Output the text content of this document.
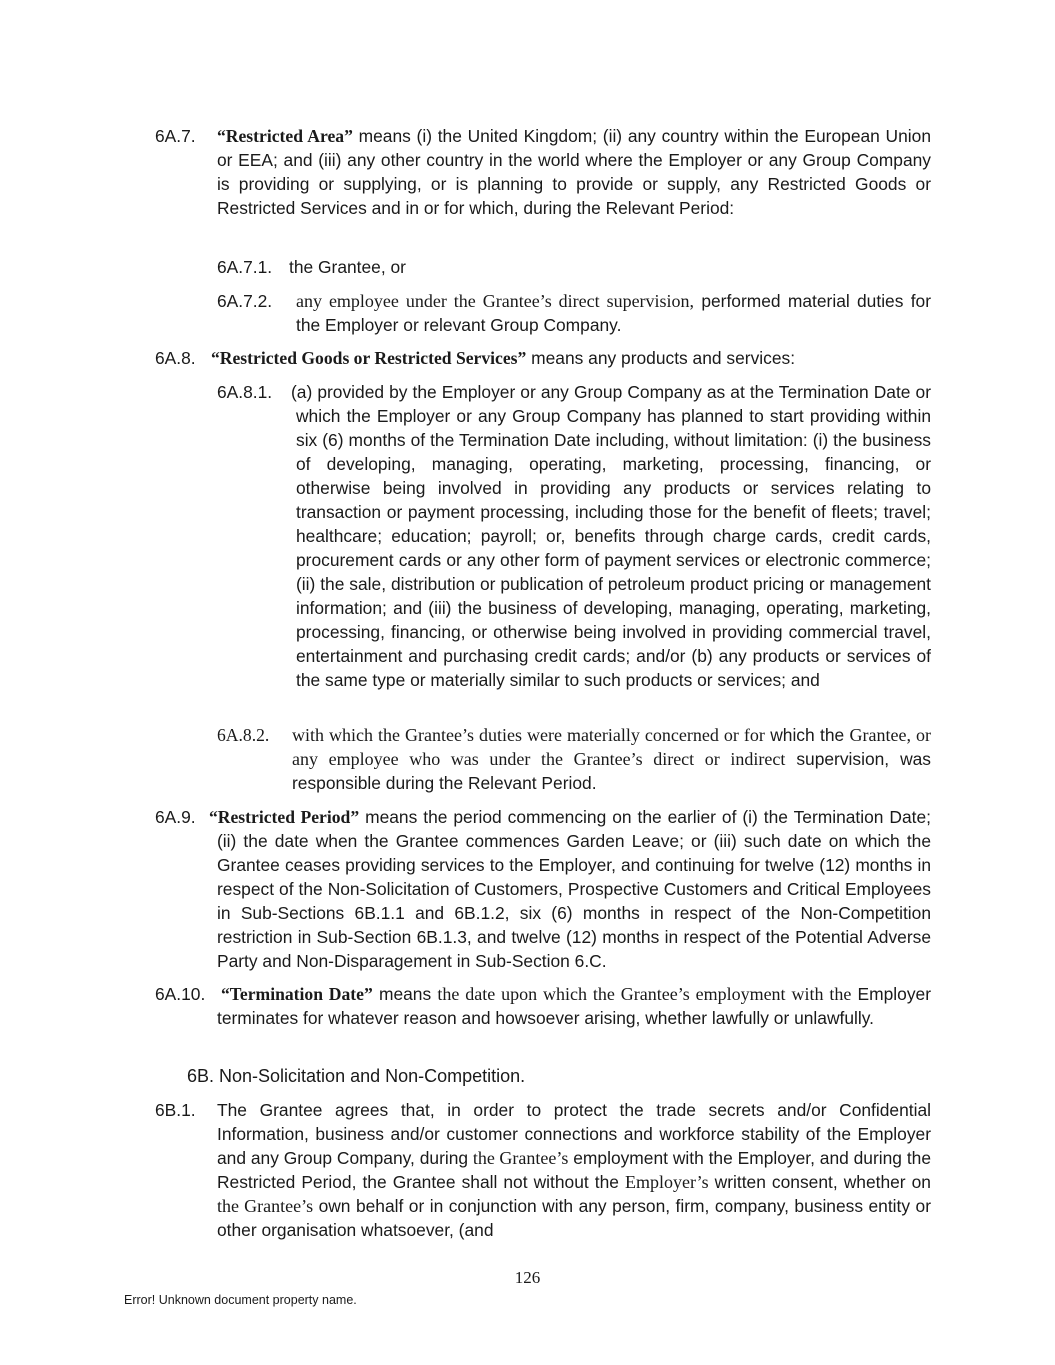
6A.7. “Restricted Area” means (i) the United Kingdom; (ii) any country within the European Union or EEA; and (iii) any other country in the world where the Employer or any Group Company is providing or supplying, or is planning to provide or supply, any Restricted Goods or Restricted Services and in or for which, during the Relevant Period:
6A.7.1. the Grantee, or
6A.7.2. any employee under the Grantee’s direct supervision, performed material duties for the Employer or relevant Group Company.
6A.8. “Restricted Goods or Restricted Services” means any products and services:
6A.8.1. (a) provided by the Employer or any Group Company as at the Termination Date or which the Employer or any Group Company has planned to start providing within six (6) months of the Termination Date including, without limitation: (i) the business of developing, managing, operating, marketing, processing, financing, or otherwise being involved in providing any products or services relating to transaction or payment processing, including those for the benefit of fleets; travel; healthcare; education; payroll; or, benefits through charge cards, credit cards, procurement cards or any other form of payment services or electronic commerce; (ii) the sale, distribution or publication of petroleum product pricing or management information; and (iii) the business of developing, managing, operating, marketing, processing, financing, or otherwise being involved in providing commercial travel, entertainment and purchasing credit cards; and/or (b) any products or services of the same type or materially similar to such products or services; and
6A.8.2. with which the Grantee’s duties were materially concerned or for which the Grantee, or any employee who was under the Grantee’s direct or indirect supervision, was responsible during the Relevant Period.
6A.9. “Restricted Period” means the period commencing on the earlier of (i) the Termination Date; (ii) the date when the Grantee commences Garden Leave; or (iii) such date on which the Grantee ceases providing services to the Employer, and continuing for twelve (12) months in respect of the Non-Solicitation of Customers, Prospective Customers and Critical Employees in Sub-Sections 6B.1.1 and 6B.1.2, six (6) months in respect of the Non-Competition restriction in Sub-Section 6B.1.3, and twelve (12) months in respect of the Potential Adverse Party and Non-Disparagement in Sub-Section 6.C.
6A.10. “Termination Date” means the date upon which the Grantee’s employment with the Employer terminates for whatever reason and howsoever arising, whether lawfully or unlawfully.
6B. Non-Solicitation and Non-Competition.
6B.1. The Grantee agrees that, in order to protect the trade secrets and/or Confidential Information, business and/or customer connections and workforce stability of the Employer and any Group Company, during the Grantee’s employment with the Employer, and during the Restricted Period, the Grantee shall not without the Employer’s written consent, whether on the Grantee’s own behalf or in conjunction with any person, firm, company, business entity or other organisation whatsoever, (and
126
Error! Unknown document property name.
